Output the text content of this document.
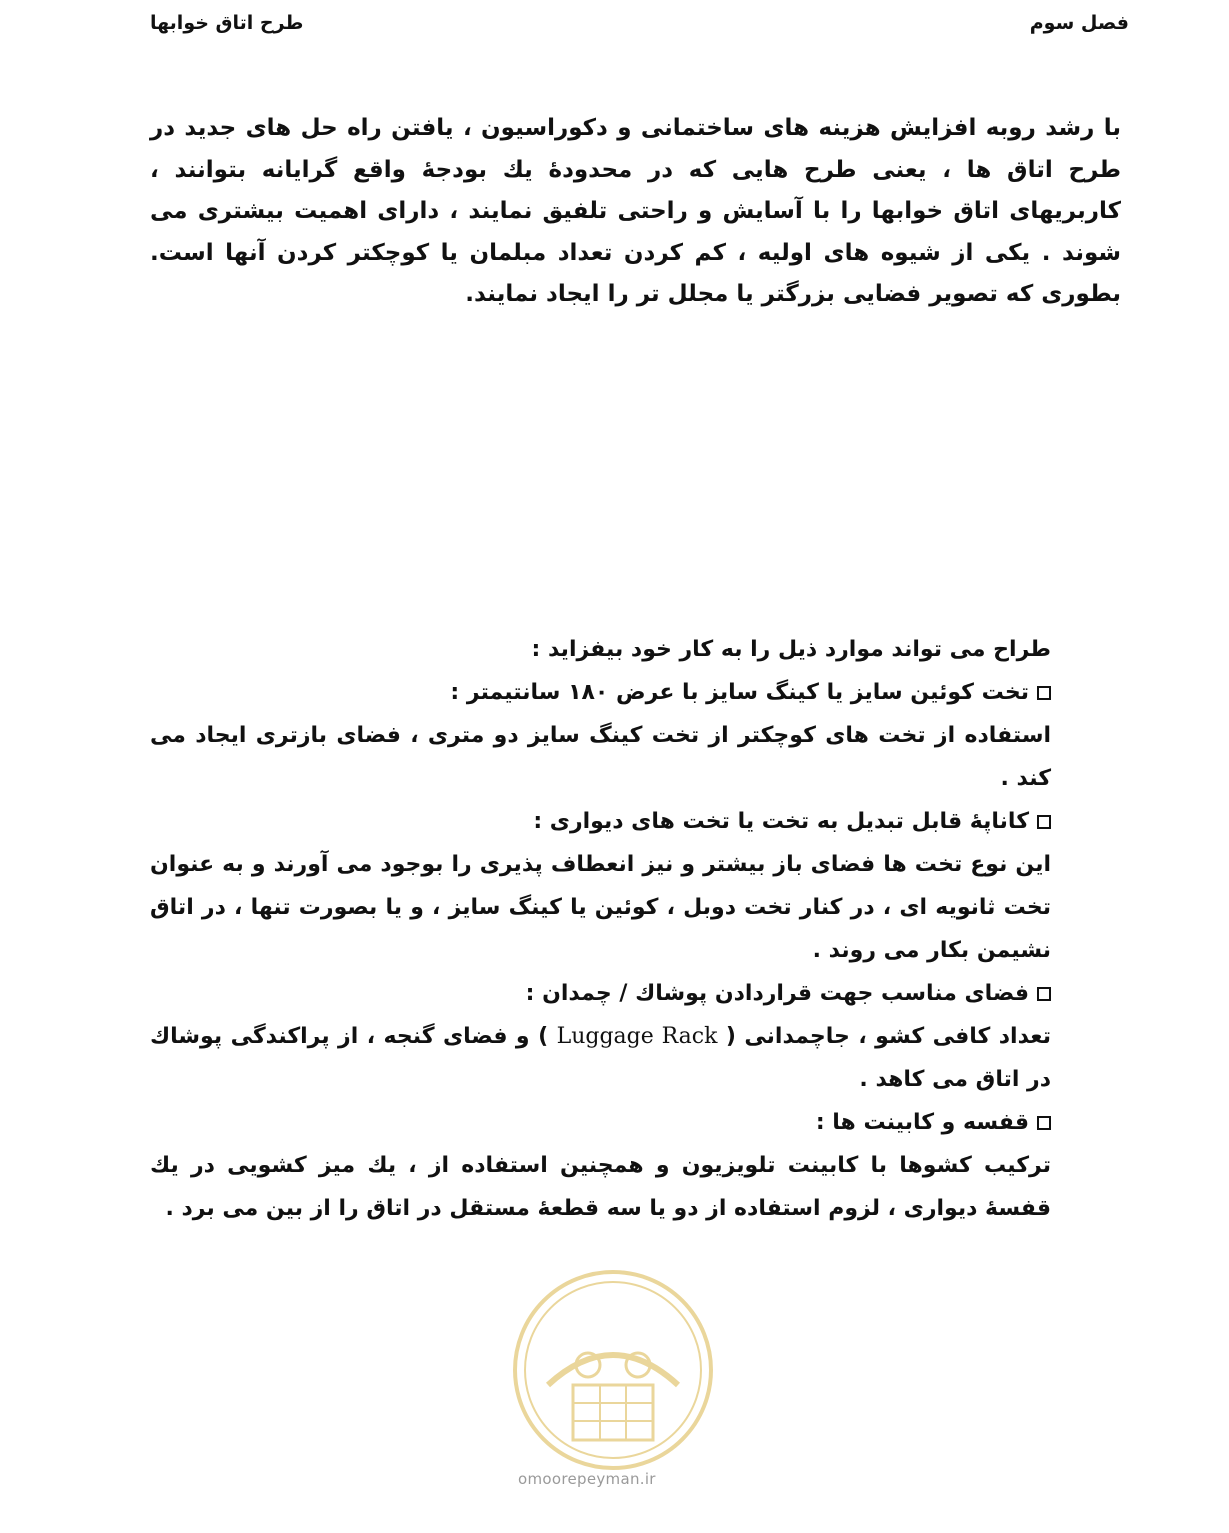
طرح اتاق خوابها	فصل سوم

با رشد روبه افزایش هزینه های ساختمانی و دکوراسیون ، یافتن راه حل های جدید در طرح اتاق ها ، یعنی طرح هایی که در محدودهٔ یك بودجهٔ واقع گرایانه بتوانند ، کاربریهای اتاق خوابها را با آسایش و راحتی تلفیق نمایند ، دارای اهمیت بیشتری می شوند . یکی از شیوه های اولیه ، کم کردن تعداد مبلمان یا کوچکتر کردن آنها است. بطوری که تصویر فضایی بزرگتر یا مجلل تر را ایجاد نمایند.

طراح می تواند موارد ذیل را به کار خود بیفزاید :

تخت کوئین سایز یا کینگ سایز با عرض ۱۸۰ سانتیمتر :

استفاده از تخت های کوچکتر از تخت کینگ سایز دو متری ، فضای بازتری ایجاد می کند .

کاناپهٔ قابل تبدیل به تخت یا تخت های دیواری :

این نوع تخت ها فضای باز بیشتر و نیز انعطاف پذیری را بوجود می آورند و به عنوان تخت ثانویه ای ، در کنار تخت دوبل ، کوئین یا کینگ سایز ، و یا بصورت تنها ، در اتاق نشیمن بکار می روند .

فضای مناسب جهت قراردادن پوشاك / چمدان :

تعداد کافی کشو ، جاچمدانی ( Luggage Rack ) و فضای گنجه ، از پراکندگی پوشاك در اتاق می کاهد .

قفسه و کابینت ها :

ترکیب کشوها با کابینت تلویزیون و همچنین استفاده از ، یك میز کشویی در یك قفسهٔ دیواری ، لزوم استفاده از دو یا سه قطعهٔ مستقل در اتاق را از بین می برد .

omoorepeyman.ir
